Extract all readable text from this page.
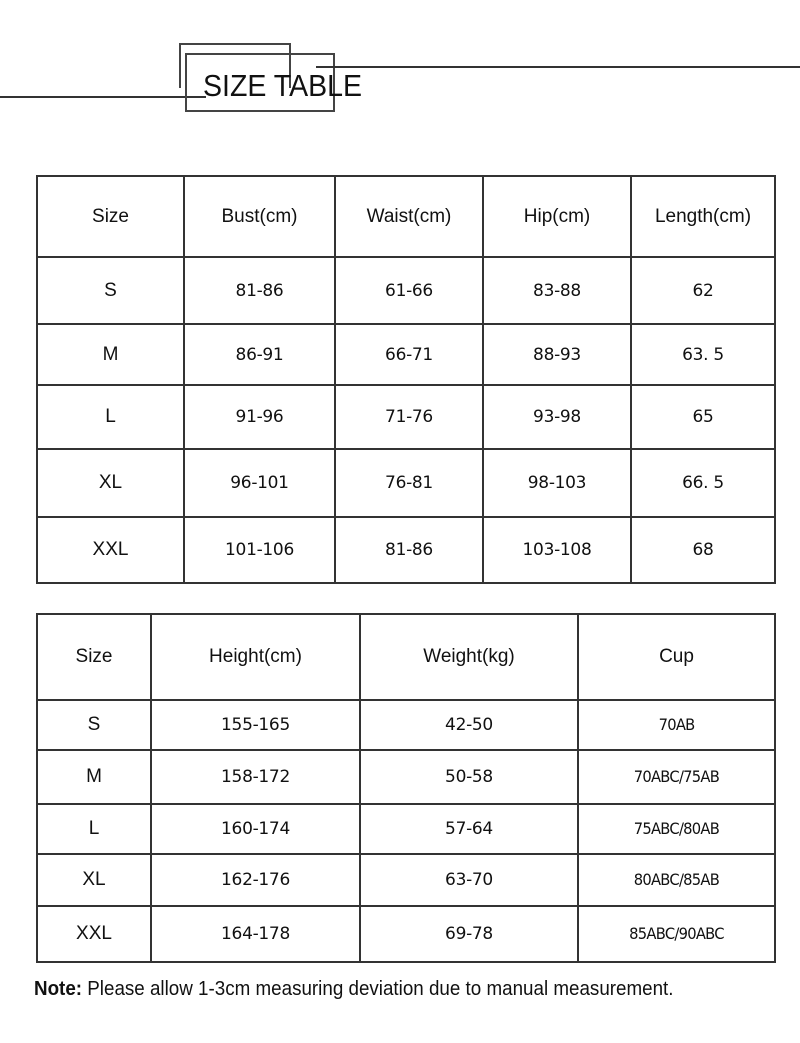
SIZE TABLE
Size	Bust(cm)	Waist(cm)	Hip(cm)	Length(cm)
S	81-86	61-66	83-88	62
M	86-91	66-71	88-93	63. 5
L	91-96	71-76	93-98	65
XL	96-101	76-81	98-103	66. 5
XXL	101-106	81-86	103-108	68
Size	Height(cm)	Weight(kg)	Cup
S	155-165	42-50	70AB
M	158-172	50-58	70ABC/75AB
L	160-174	57-64	75ABC/80AB
XL	162-176	63-70	80ABC/85AB
XXL	164-178	69-78	85ABC/90ABC
Note: Please allow 1-3cm measuring deviation due to manual measurement.
